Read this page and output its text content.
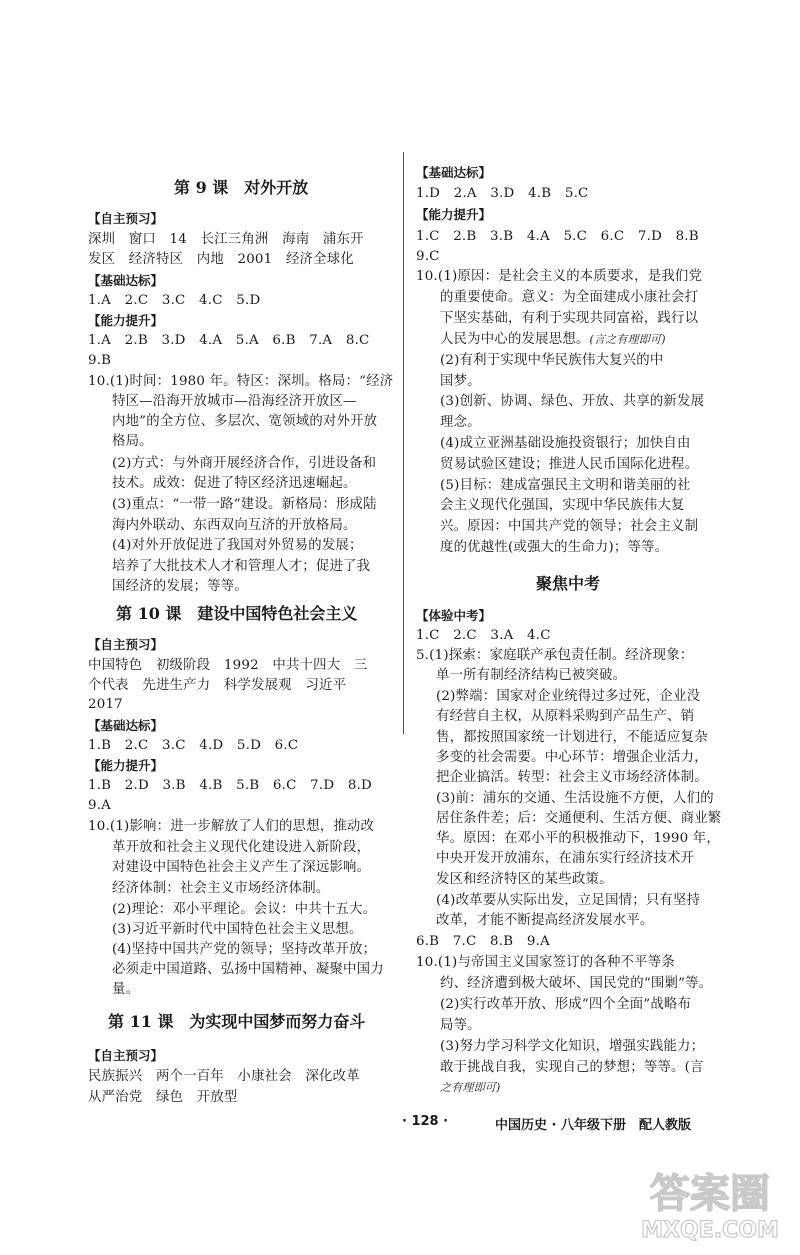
第 9 课　对外开放
【自主预习】
深圳　窗口　14　长江三角洲　海南　浦东开
发区　经济特区　内地　2001　经济全球化
【基础达标】
1.A　2.C　3.C　4.C　5.D
【能力提升】
1.A　2.B　3.D　4.A　5.A　6.B　7.A　8.C
9.B
10.(1)时间：1980 年。特区：深圳。格局：“经济
特区—沿海开放城市—沿海经济开放区—
内地”的全方位、多层次、宽领域的对外开放
格局。
(2)方式：与外商开展经济合作，引进设备和
技术。成效：促进了特区经济迅速崛起。
(3)重点：“一带一路”建设。新格局：形成陆
海内外联动、东西双向互济的开放格局。
(4)对外开放促进了我国对外贸易的发展；
培养了大批技术人才和管理人才；促进了我
国经济的发展；等等。
第 10 课　建设中国特色社会主义
【自主预习】
中国特色　初级阶段　1992　中共十四大　三
个代表　先进生产力　科学发展观　习近平
2017
【基础达标】
1.B　2.C　3.C　4.D　5.D　6.C
【能力提升】
1.B　2.D　3.B　4.B　5.B　6.C　7.D　8.D
9.A
10.(1)影响：进一步解放了人们的思想，推动改
革开放和社会主义现代化建设进入新阶段，
对建设中国特色社会主义产生了深远影响。
经济体制：社会主义市场经济体制。
(2)理论：邓小平理论。会议：中共十五大。
(3)习近平新时代中国特色社会主义思想。
(4)坚持中国共产党的领导；坚持改革开放；
必须走中国道路、弘扬中国精神、凝聚中国力
量。
第 11 课　为实现中国梦而努力奋斗
【自主预习】
民族振兴　两个一百年　小康社会　深化改革
从严治党　绿色　开放型
【基础达标】
1.D　2.A　3.D　4.B　5.C
【能力提升】
1.C　2.B　3.B　4.A　5.C　6.C　7.D　8.B
9.C
10.(1)原因：是社会主义的本质要求，是我们党
的重要使命。意义：为全面建成小康社会打
下坚实基础，有利于实现共同富裕，践行以
人民为中心的发展思想。(言之有理即可)
(2)有利于实现中华民族伟大复兴的中
国梦。
(3)创新、协调、绿色、开放、共享的新发展
理念。
(4)成立亚洲基础设施投资银行；加快自由
贸易试验区建设；推进人民币国际化进程。
(5)目标：建成富强民主文明和谐美丽的社
会主义现代化强国，实现中华民族伟大复
兴。原因：中国共产党的领导；社会主义制
度的优越性(或强大的生命力)；等等。
聚焦中考
【体验中考】
1.C　2.C　3.A　4.C
5.(1)探索：家庭联产承包责任制。经济现象：
单一所有制经济结构已被突破。
(2)弊端：国家对企业统得过多过死，企业没
有经营自主权，从原料采购到产品生产、销
售，都按照国家统一计划进行，不能适应复杂
多变的社会需要。中心环节：增强企业活力，
把企业搞活。转型：社会主义市场经济体制。
(3)前：浦东的交通、生活设施不方便，人们的
居住条件差；后：交通便利、生活方便、商业繁
华。原因：在邓小平的积极推动下，1990 年，
中央开发开放浦东，在浦东实行经济技术开
发区和经济特区的某些政策。
(4)改革要从实际出发，立足国情；只有坚持
改革，才能不断提高经济发展水平。
6.B　7.C　8.B　9.A
10.(1)与帝国主义国家签订的各种不平等条
约、经济遭到极大破坏、国民党的“围剿”等。
(2)实行改革开放、形成“四个全面”战略布
局等。
(3)努力学习科学文化知识，增强实践能力；
敢于挑战自我，实现自己的梦想；等等。(言
之有理即可)
· 128 ·	中国历史 · 八年级下册　配人教版
答案圈
MXQE.COM
